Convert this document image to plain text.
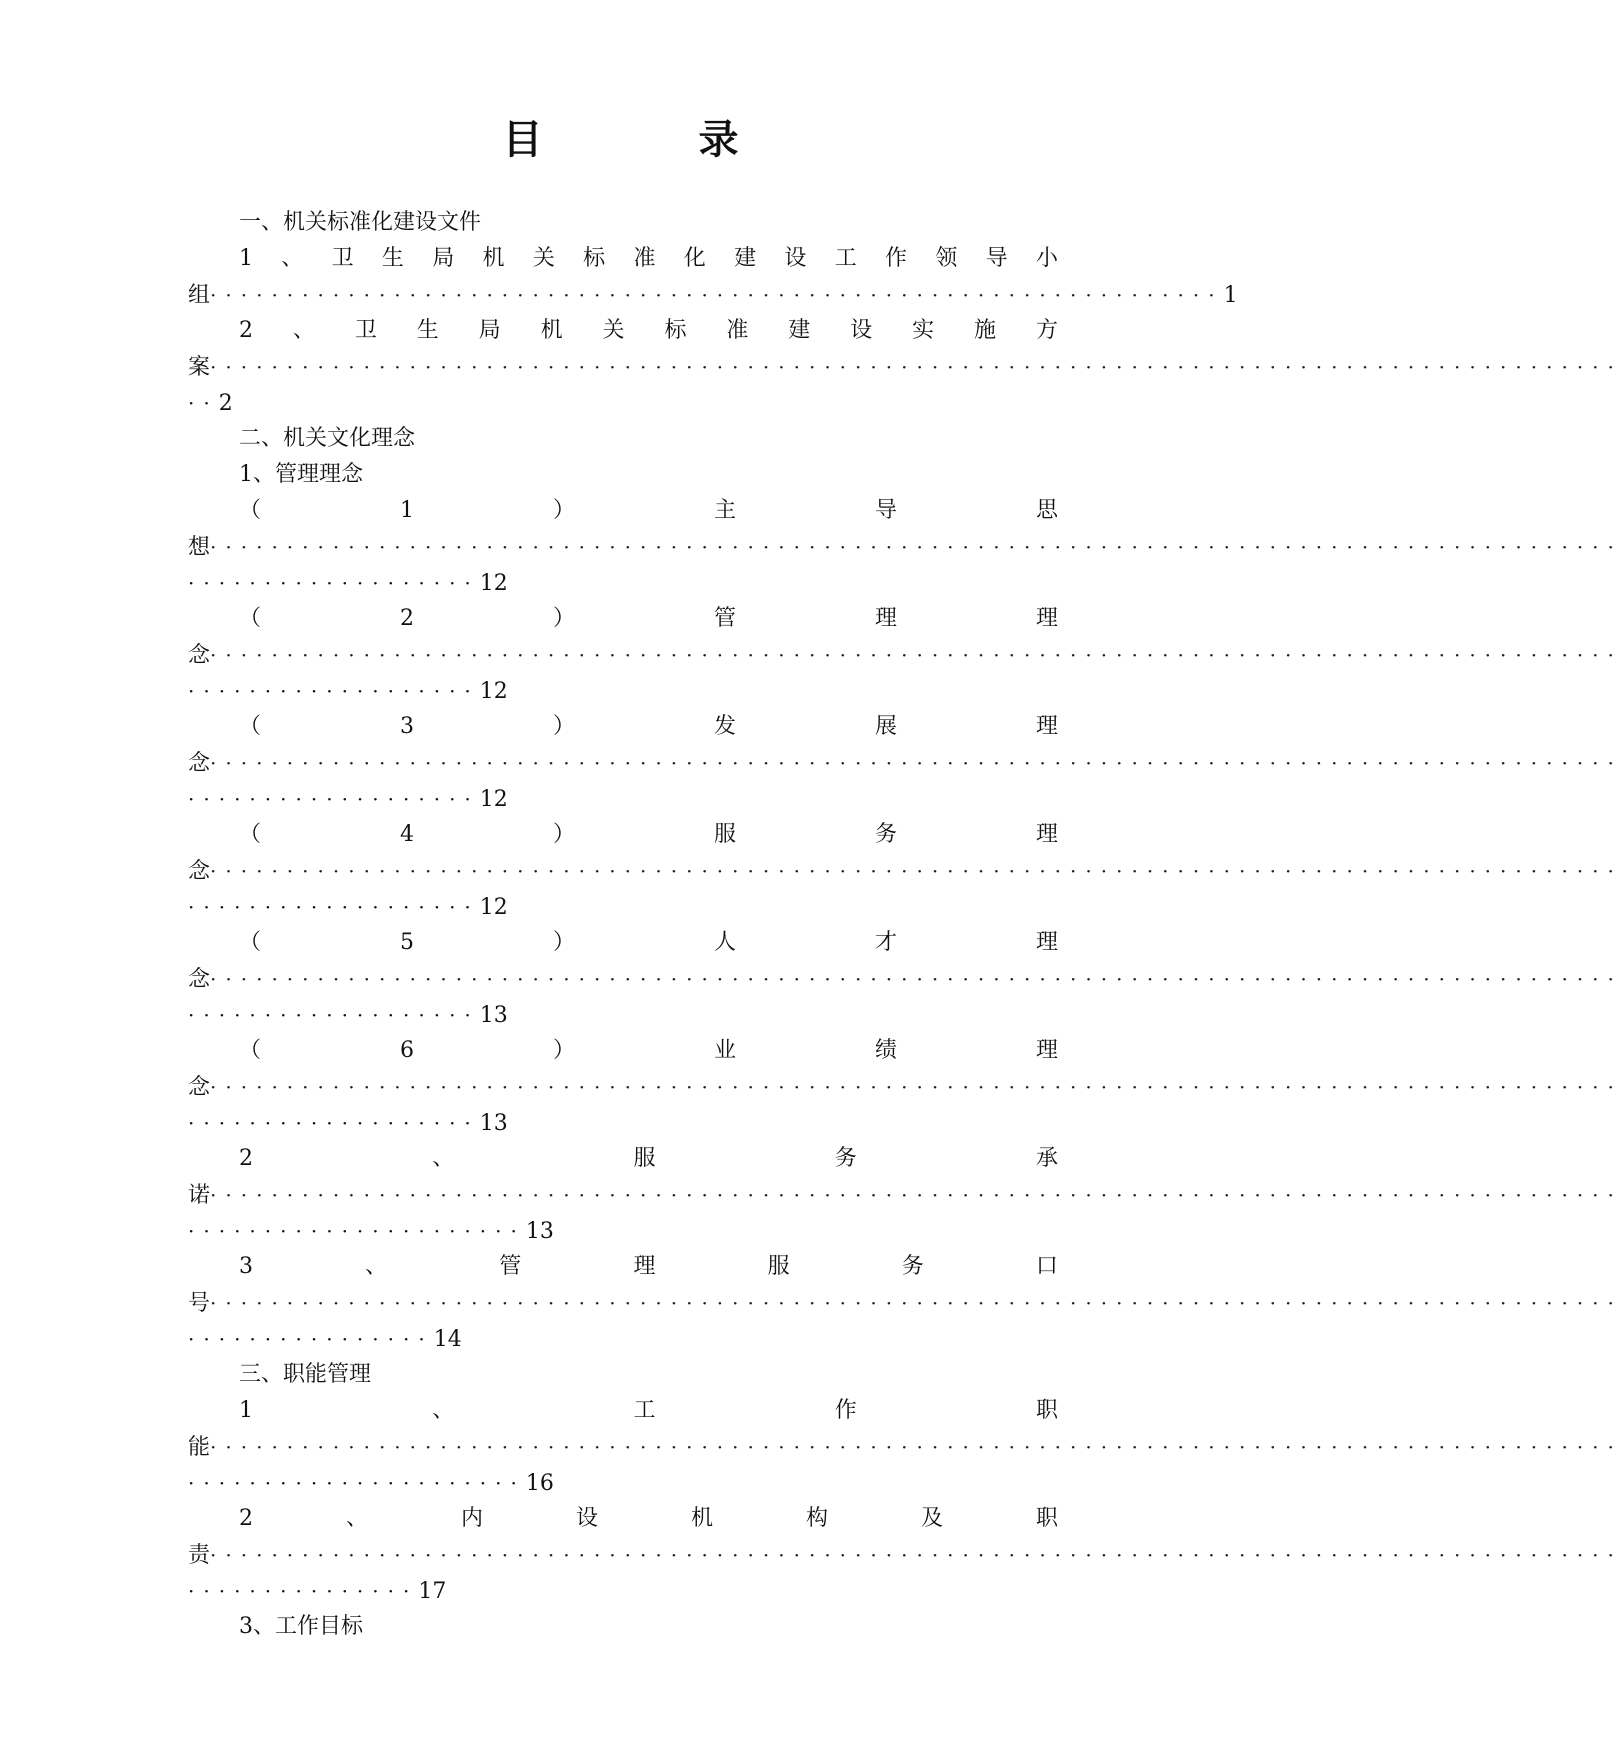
目　录
一、机关标准化建设文件
1 、 卫 生 局 机 关 标 准 化 建 设 工 作 领 导 小
组 ·································································· 1
2 、 卫 生 局 机 关 标 准 建 设 实 施 方
案 ····························································································
·· 2
二、机关文化理念
1、管理理念
（	1	）	主	导	思
想 ····························································································
··················· 12
（	2	）	管	理	理
念 ····························································································
··················· 12
（	3	）	发	展	理
念 ····························································································
··················· 12
（	4	）	服	务	理
念 ····························································································
··················· 12
（	5	）	人	才	理
念 ····························································································
··················· 13
（	6	）	业	绩	理
念 ····························································································
··················· 13
2	、	服	务	承
诺 ····························································································
······················ 13
3	、	管	理	服	务	口
号 ····························································································
················ 14
三、职能管理
1	、	工	作	职
能 ····························································································
······················ 16
2	、	内	设	机	构	及	职
责 ····························································································
··············· 17
3、工作目标
